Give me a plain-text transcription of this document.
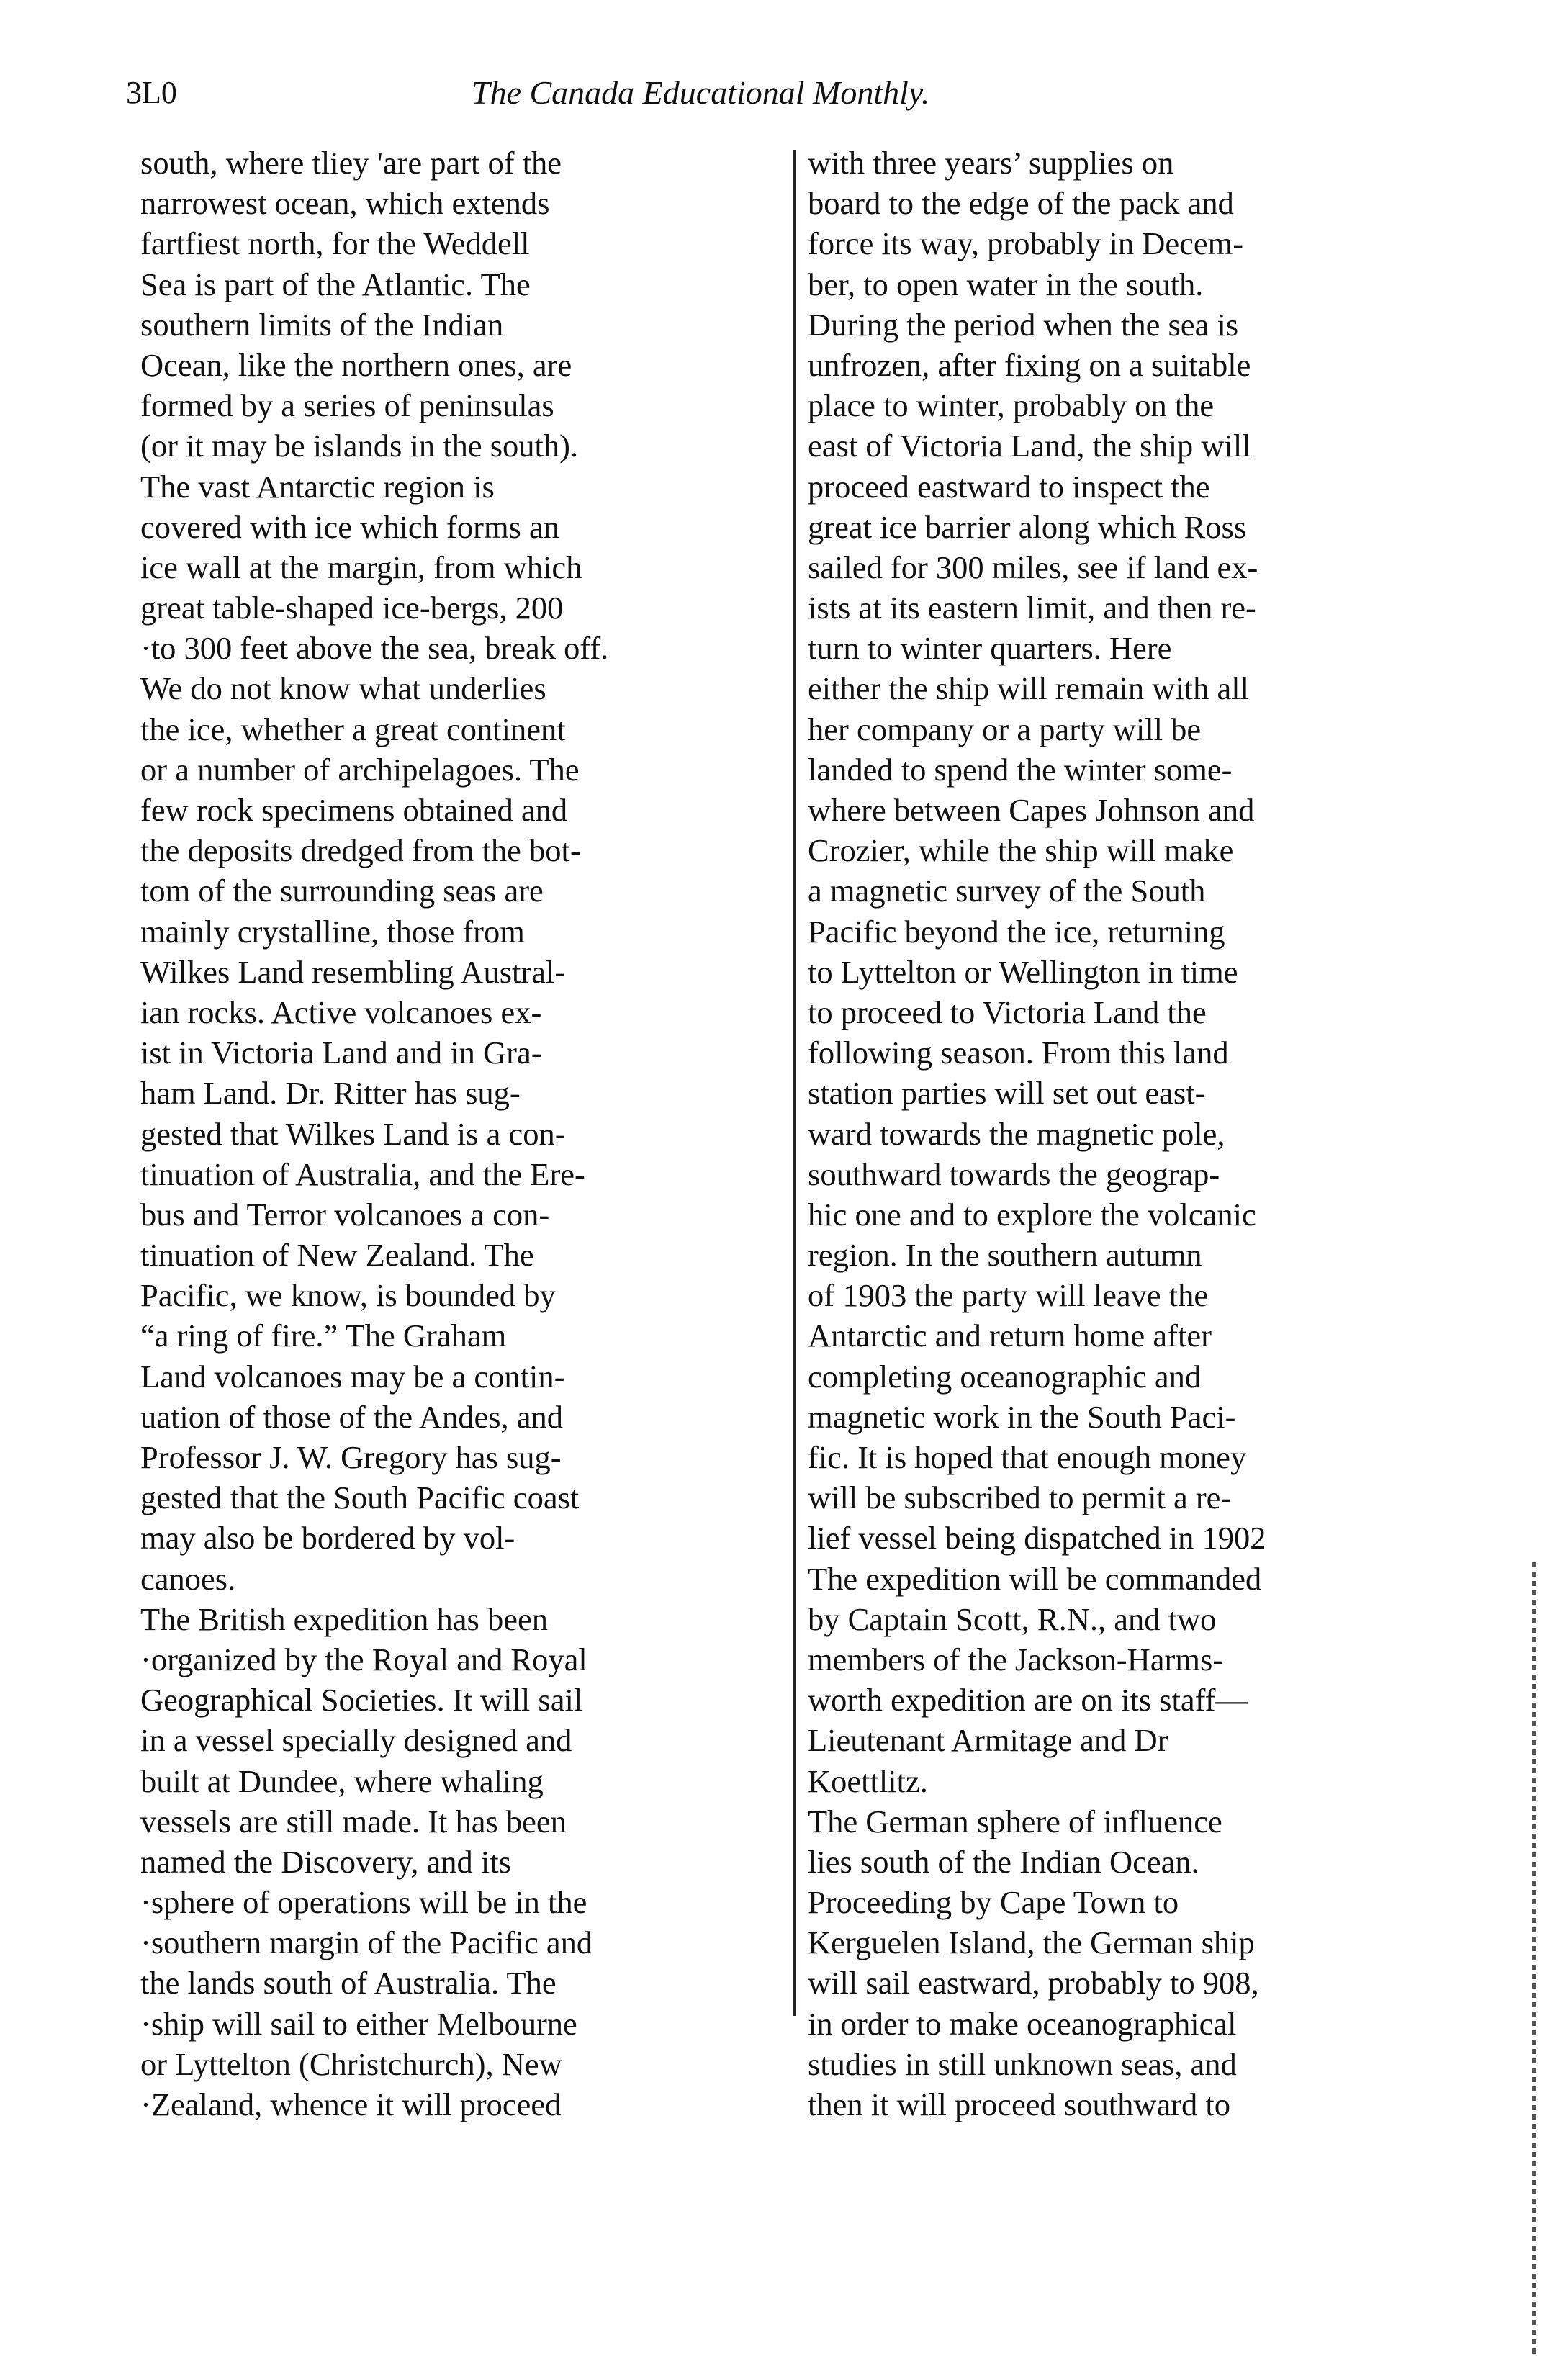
3L0	The Canada Educational Monthly.
south, where tliey 'are part of the
narrowest ocean, which extends
fartfiest north, for the Weddell
Sea is part of the Atlantic. The
southern limits of the Indian
Ocean, like the northern ones, are
formed by a series of peninsulas
(or it may be islands in the south).
The vast Antarctic region is
covered with ice which forms an
ice wall at the margin, from which
great table-shaped ice-bergs, 200
·to 300 feet above the sea, break off.
We do not know what underlies
the ice, whether a great continent
or a number of archipelagoes. The
few rock specimens obtained and
the deposits dredged from the bot-
tom of the surrounding seas are
mainly crystalline, those from
Wilkes Land resembling Austral-
ian rocks. Active volcanoes ex-
ist in Victoria Land and in Gra-
ham Land. Dr. Ritter has sug-
gested that Wilkes Land is a con-
tinuation of Australia, and the Ere-
bus and Terror volcanoes a con-
tinuation of New Zealand. The
Pacific, we know, is bounded by
“a ring of fire.” The Graham
Land volcanoes may be a contin-
uation of those of the Andes, and
Professor J. W. Gregory has sug-
gested that the South Pacific coast
may also be bordered by vol-
canoes.
The British expedition has been
·organized by the Royal and Royal
Geographical Societies. It will sail
in a vessel specially designed and
built at Dundee, where whaling
vessels are still made. It has been
named the Discovery, and its
·sphere of operations will be in the
·southern margin of the Pacific and
the lands south of Australia. The
·ship will sail to either Melbourne
or Lyttelton (Christchurch), New
·Zealand, whence it will proceed
with three years’ supplies on
board to the edge of the pack and
force its way, probably in Decem-
ber, to open water in the south.
During the period when the sea is
unfrozen, after fixing on a suitable
place to winter, probably on the
east of Victoria Land, the ship will
proceed eastward to inspect the
great ice barrier along which Ross
sailed for 300 miles, see if land ex-
ists at its eastern limit, and then re-
turn to winter quarters. Here
either the ship will remain with all
her company or a party will be
landed to spend the winter some-
where between Capes Johnson and
Crozier, while the ship will make
a magnetic survey of the South
Pacific beyond the ice, returning
to Lyttelton or Wellington in time
to proceed to Victoria Land the
following season. From this land
station parties will set out east-
ward towards the magnetic pole,
southward towards the geograp-
hic one and to explore the volcanic
region. In the southern autumn
of 1903 the party will leave the
Antarctic and return home after
completing oceanographic and
magnetic work in the South Paci-
fic. It is hoped that enough money
will be subscribed to permit a re-
lief vessel being dispatched in 1902
The expedition will be commanded
by Captain Scott, R.N., and two
members of the Jackson-Harms-
worth expedition are on its staff—
Lieutenant Armitage and Dr
Koettlitz.
The German sphere of influence
lies south of the Indian Ocean.
Proceeding by Cape Town to
Kerguelen Island, the German ship
will sail eastward, probably to 908,
in order to make oceanographical
studies in still unknown seas, and
then it will proceed southward to
